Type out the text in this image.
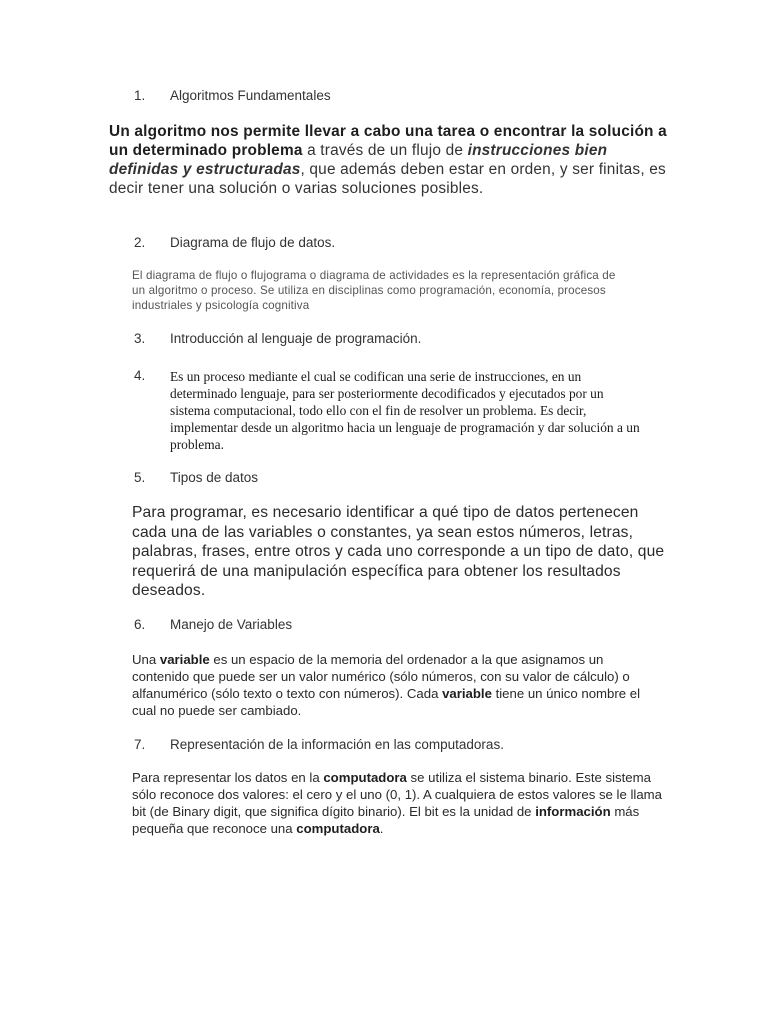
1.	Algoritmos Fundamentales

Un algoritmo nos permite llevar a cabo una tarea o encontrar la solución a un determinado problema a través de un flujo de instrucciones bien definidas y estructuradas, que además deben estar en orden, y ser finitas, es decir tener una solución o varias soluciones posibles.

2.	Diagrama de flujo de datos.

El diagrama de flujo o flujograma o diagrama de actividades es la representación gráfica de un algoritmo o proceso. Se utiliza en disciplinas como programación, economía, procesos industriales y psicología cognitiva

3.	Introducción al lenguaje de programación.
4.	Es un proceso mediante el cual se codifican una serie de instrucciones, en un determinado lenguaje, para ser posteriormente decodificados y ejecutados por un sistema computacional, todo ello con el fin de resolver un problema. Es decir, implementar desde un algoritmo hacia un lenguaje de programación y dar solución a un problema.
5.	Tipos de datos

Para programar, es necesario identificar a qué tipo de datos pertenecen cada una de las variables o constantes, ya sean estos números, letras, palabras, frases, entre otros y cada uno corresponde a un tipo de dato, que requerirá de una manipulación específica para obtener los resultados deseados.

6.	Manejo de Variables

Una variable es un espacio de la memoria del ordenador a la que asignamos un contenido que puede ser un valor numérico (sólo números, con su valor de cálculo) o alfanumérico (sólo texto o texto con números). Cada variable tiene un único nombre el cual no puede ser cambiado.

7.	Representación de la información en las computadoras.

Para representar los datos en la computadora se utiliza el sistema binario. Este sistema sólo reconoce dos valores: el cero y el uno (0, 1). A cualquiera de estos valores se le llama bit (de Binary digit, que significa dígito binario). El bit es la unidad de información más pequeña que reconoce una computadora.
